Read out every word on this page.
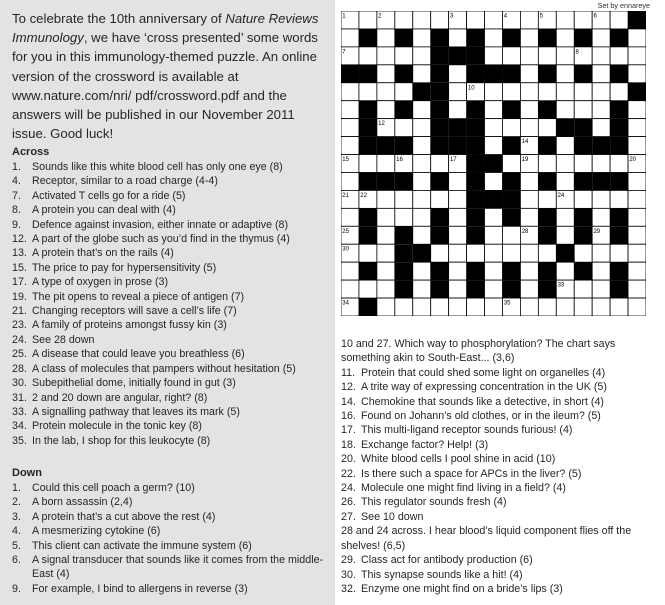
To celebrate the 10th anniversary of Nature Reviews Immunology, we have ‘cross presented’ some words for you in this immunology-themed puzzle. An online version of the crossword is available at www.nature.com/nri/ pdf/crossword.pdf and the answers will be published in our November 2011 issue. Good luck!
Across
1.	Sounds like this white blood cell has only one eye (8)
4.	Receptor, similar to a road charge (4-4)
7.	Activated T cells go for a ride (5)
8.	A protein you can deal with (4)
9.	Defence against invasion, either innate or adaptive (8)
12. A part of the globe such as you’d find in the thymus (4)
13. A protein that’s on the rails (4)
15. The price to pay for hypersensitivity (5)
17. A type of oxygen in prose (3)
19. The pit opens to reveal a piece of antigen (7)
21. Changing receptors will save a cell’s life (7)
23. A family of proteins amongst fussy kin (3)
24. See 28 down
25. A disease that could leave you breathless (6)
28. A class of molecules that pampers without hesitation (5)
30. Subepithelial dome, initially found in gut (3)
31. 2 and 20 down are angular, right? (8)
33. A signalling pathway that leaves its mark (5)
34. Protein molecule in the tonic key (8)
35. In the lab, I shop for this leukocyte (8)
Down
1.	Could this cell poach a germ? (10)
2.	A born assassin (2,4)
3.	A protein that’s a cut above the rest (4)
4.	A mesmerizing cytokine (6)
5.	This client can activate the immune system (6)
6.	A signal transducer that sounds like it comes from the middle-East (4)
9.	For example, I bind to allergens in reverse (3)
Set by ennareye
1	2	3	4	5	6
7	8
9	10
11
12	13
14
15	16	17	18	19	20
21 22	23	24
25	26	27	28	29
30	31
32	33
34	35
10 and 27. Which way to phosphorylation? The chart says something akin to South-East... (3,6)
11. Protein that could shed some light on organelles (4)
12. A trite way of expressing concentration in the UK (5)
14. Chemokine that sounds like a detective, in short (4)
16. Found on Johann’s old clothes, or in the ileum? (5)
17. This multi-ligand receptor sounds furious! (4)
18. Exchange factor? Help! (3)
20. White blood cells I pool shine in acid (10)
22. Is there such a space for APCs in the liver? (5)
24. Molecule one might find living in a field? (4)
26. This regulator sounds fresh (4)
27. See 10 down
28 and 24 across. I hear blood’s liquid component flies off the shelves! (6,5)
29. Class act for antibody production (6)
30. This synapse sounds like a hit! (4)
32. Enzyme one might find on a bride’s lips (3)
